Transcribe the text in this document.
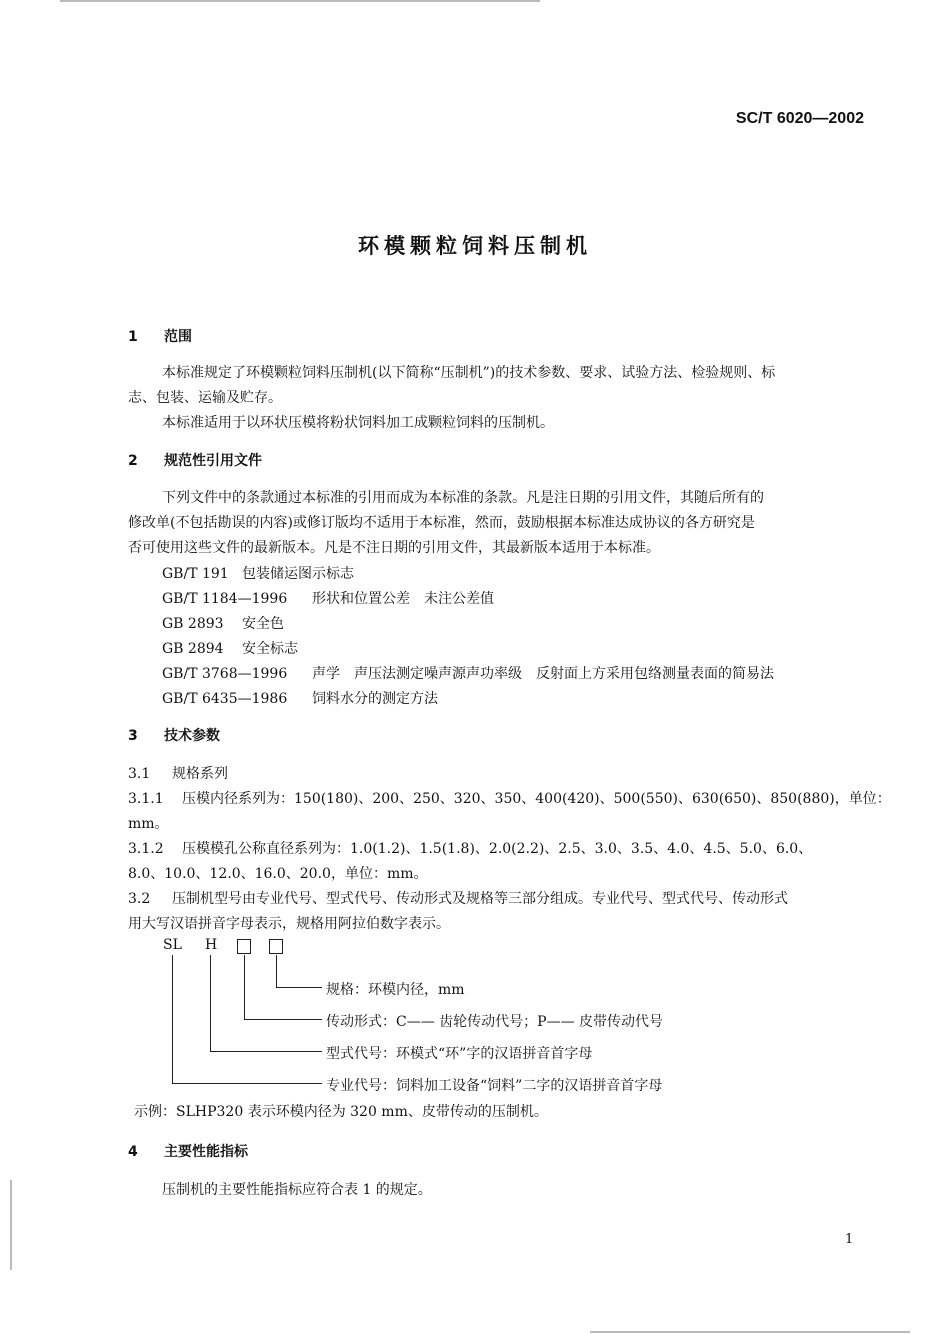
SC/T 6020—2002
环模颗粒饲料压制机
1 范围
本标准规定了环模颗粒饲料压制机(以下简称“压制机”)的技术参数、要求、试验方法、检验规则、标
志、包装、运输及贮存。
本标准适用于以环状压模将粉状饲料加工成颗粒饲料的压制机。
2 规范性引用文件
下列文件中的条款通过本标准的引用而成为本标准的条款。凡是注日期的引用文件，其随后所有的
修改单(不包括勘误的内容)或修订版均不适用于本标准，然而，鼓励根据本标准达成协议的各方研究是
否可使用这些文件的最新版本。凡是不注日期的引用文件，其最新版本适用于本标准。
GB/T 191 包装储运图示标志
GB/T 1184—1996 形状和位置公差　未注公差值
GB 2893 安全色
GB 2894 安全标志
GB/T 3768—1996 声学　声压法测定噪声源声功率级　反射面上方采用包络测量表面的简易法
GB/T 6435—1986 饲料水分的测定方法
3 技术参数
3.1 规格系列
3.1.1 压模内径系列为：150(180)、200、250、320、350、400(420)、500(550)、630(650)、850(880)，单位：
mm。
3.1.2 压模模孔公称直径系列为：1.0(1.2)、1.5(1.8)、2.0(2.2)、2.5、3.0、3.5、4.0、4.5、5.0、6.0、
8.0、10.0、12.0、16.0、20.0，单位：mm。
3.2 压制机型号由专业代号、型式代号、传动形式及规格等三部分组成。专业代号、型式代号、传动形式
用大写汉语拼音字母表示，规格用阿拉伯数字表示。
SL H
规格：环模内径，mm
传动形式：C—— 齿轮传动代号；P—— 皮带传动代号
型式代号：环模式“环”字的汉语拼音首字母
专业代号：饲料加工设备“饲料”二字的汉语拼音首字母
示例：SLHP320 表示环模内径为 320 mm、皮带传动的压制机。
4 主要性能指标
压制机的主要性能指标应符合表 1 的规定。
1
